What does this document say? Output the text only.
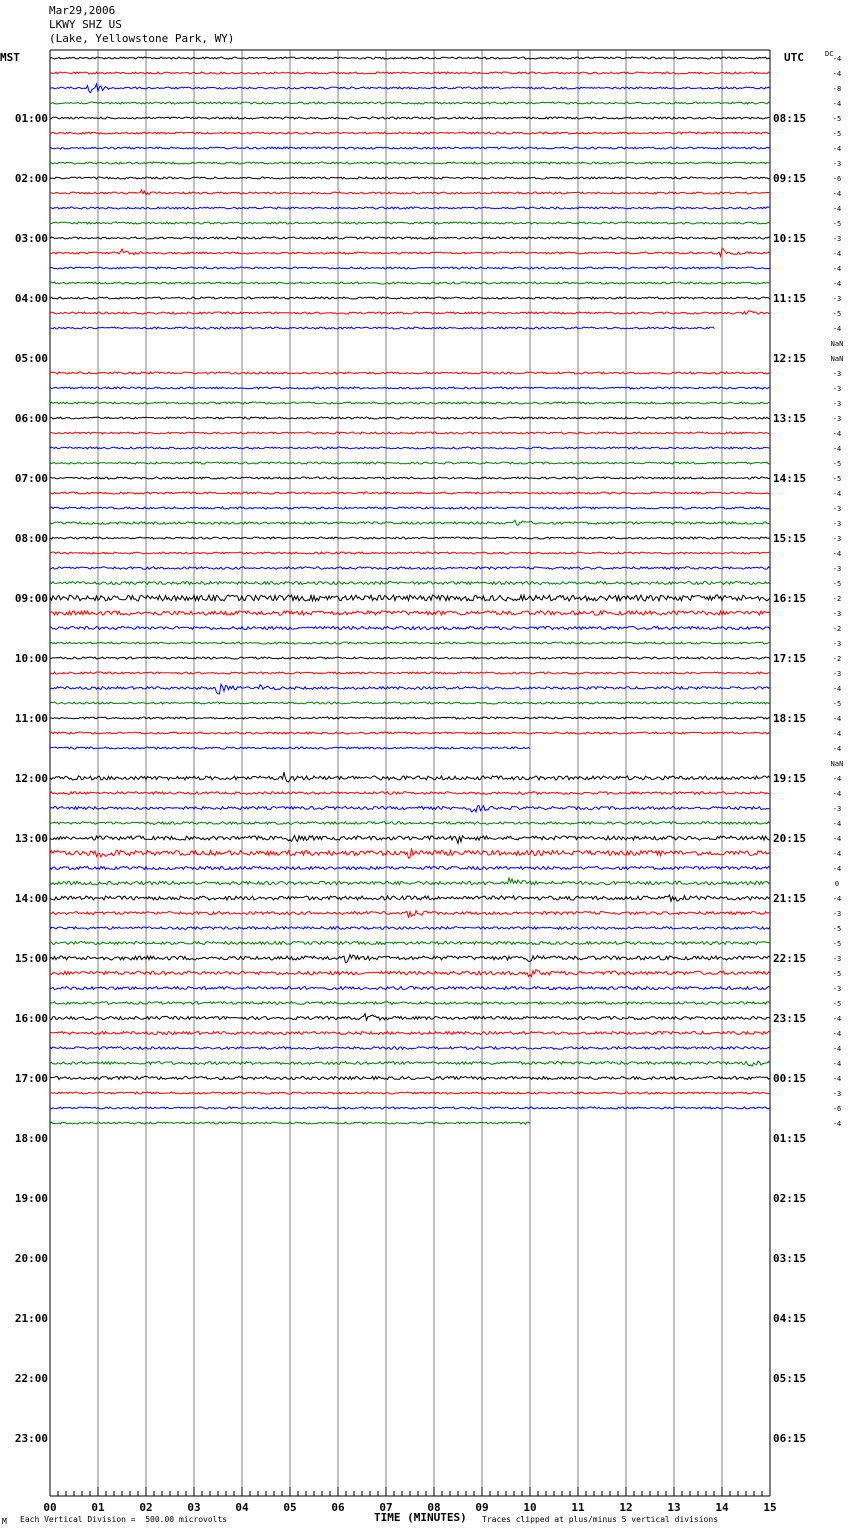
Mar29,2006
LKWY SHZ US
(Lake, Yellowstone Park, WY)
MST	UTC	DC
01:00
02:00
03:00
04:00
05:00
06:00
07:00
08:00
09:00
10:00
11:00
12:00
13:00
14:00
15:00
16:00
17:00
18:00
19:00
20:00
21:00
22:00
23:00
08:15
09:15
10:15
11:15
12:15
13:15
14:15
15:15
16:15
17:15
18:15
19:15
20:15
21:15
22:15
23:15
00:15
01:15
02:15
03:15
04:15
05:15
06:15
-4
-4
-8
-4
-5
-5
-4
-3
-6
-4
-4
-5
-3
-4
-4
-4
-3
-5
-4
NaN
NaN
-3
-3
-3
-3
-4
-4
-5
-5
-4
-3
-3
-3
-4
-3
-5
-2
-3
-2
-3
-2
-3
-4
-5
-4
-4
-4
NaN
-4
-4
-3
-4
-4
-4
-4
0
-4
-3
-5
-5
-3
-5
-3
-5
-4
-4
-4
-4
-4
-3
-6
-4
00	01	02	03	04	05	06	07	08	09	10	11	12	13	14	15
M Each Vertical Division =  500.00 microvolts	TIME (MINUTES) Traces clipped at plus/minus 5 vertical divisions
